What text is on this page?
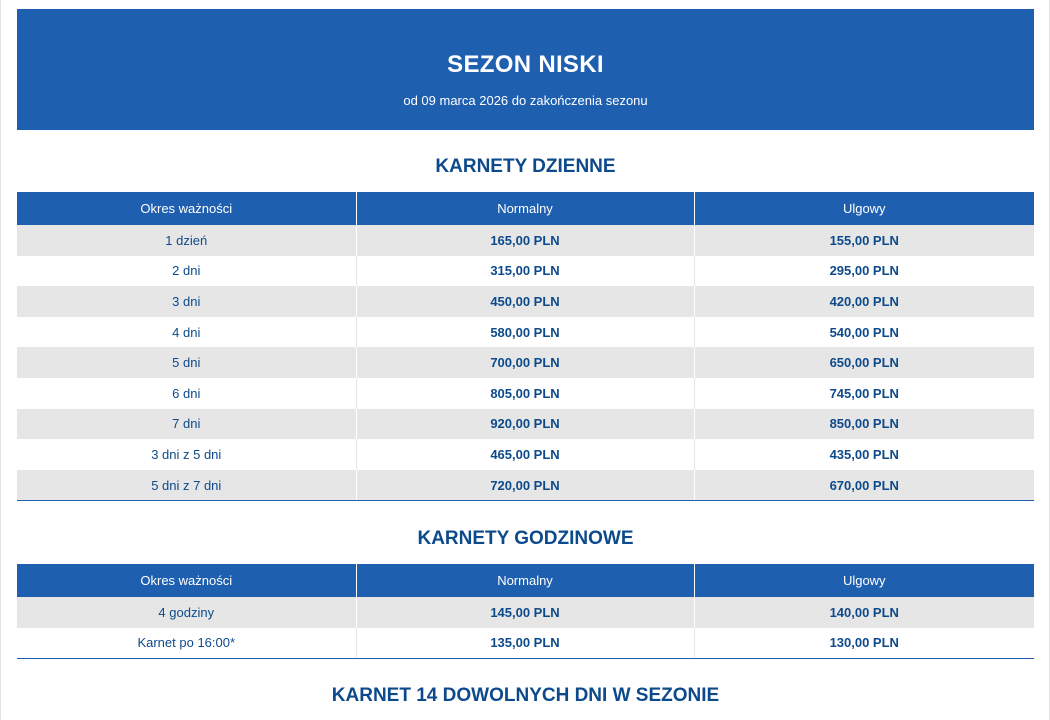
SEZON NISKI
od 09 marca 2026 do zakończenia sezonu
KARNETY DZIENNE
Okres ważności	Normalny	Ulgowy
1 dzień	165,00 PLN	155,00 PLN
2 dni	315,00 PLN	295,00 PLN
3 dni	450,00 PLN	420,00 PLN
4 dni	580,00 PLN	540,00 PLN
5 dni	700,00 PLN	650,00 PLN
6 dni	805,00 PLN	745,00 PLN
7 dni	920,00 PLN	850,00 PLN
3 dni z 5 dni	465,00 PLN	435,00 PLN
5 dni z 7 dni	720,00 PLN	670,00 PLN
KARNETY GODZINOWE
Okres ważności	Normalny	Ulgowy
4 godziny	145,00 PLN	140,00 PLN
Karnet po 16:00*	135,00 PLN	130,00 PLN
KARNET 14 DOWOLNYCH DNI W SEZONIE
